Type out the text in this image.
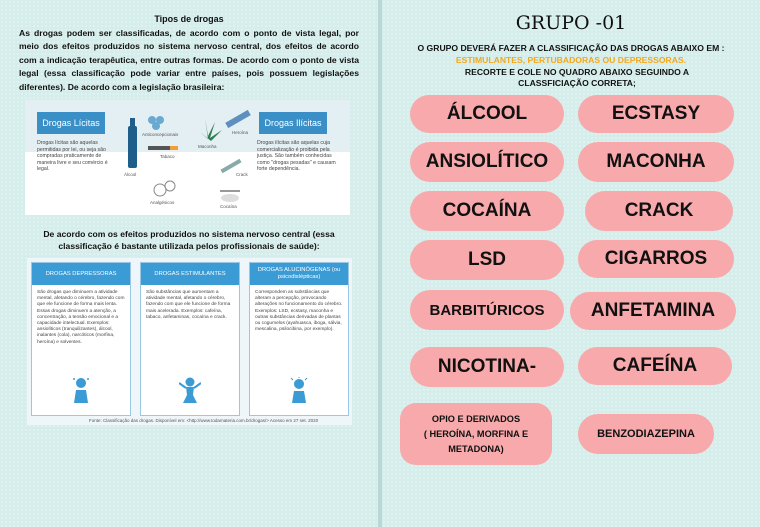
Tipos de drogas
As drogas podem ser classificadas, de acordo com o ponto de vista legal, por meio dos efeitos produzidos no sistema nervoso central, dos efeitos de acordo com a indicação terapêutica, entre outras formas. De acordo com o ponto de vista legal (essa classificação pode variar entre países, pois possuem legislações diferentes). De acordo com a legislação brasileira:
Drogas Lícitas
Drogas lícitas são aquelas permitidas por lei, ou seja são compradas praticamente de maneira livre e seu comércio é legal.
Drogas Ilícitas
Drogas ilícitas são aquelas cuja comercialização é proibida pela justiça. São também conhecidas como "drogas pesadas" e causam forte dependência.
Álcool
Anticoncepcionais
Tabaco
Analgésicos
Maconha
Heroína
Crack
Cocaína
De acordo com os efeitos produzidos no sistema nervoso central (essa classificação é bastante utilizada pelos profissionais de saúde):
DROGAS DEPRESSORAS
São drogas que diminuem a atividade mental, afetando o cérebro, fazendo com que ele funcione de forma mais lenta. Essas drogas diminuem a atenção, a concentração, a tensão emocional e a capacidade intelectual. Exemplos: ansiolíticos (tranquilizantes), álcool, inalantes (cola), narcóticos (morfina, heroína) e solventes.
DROGAS ESTIMULANTES
São substâncias que aumentam a atividade mental, afetando o cérebro, fazendo com que ele funcione de forma mais acelerada. Exemplos: cafeína, tabaco, anfetaminas, cocaína e crack.
DROGAS ALUCINÓGENAS (ou psicodislépticas)
Correspondem as substâncias que alteram a percepção, provocando alterações no funcionamento do cérebro. Exemplos: LSD, ecstasy, maconha e outras substâncias derivadas de plantas ou cogumelos (ayahuasca, iboga, sálvia, mescalina, psilocibina, por exemplo).
Fonte: Classificação das drogas. Disponível em: <http://www.todamateria.com.br/drogas/> Acesso em 27 set. 2020
GRUPO -01
O GRUPO DEVERÁ FAZER A CLASSIFICAÇÃO DAS DROGAS ABAIXO EM :
ESTIMULANTES, PERTUBADORAS OU DEPRESSORAS.
RECORTE E COLE NO QUADRO ABAIXO SEGUINDO A CLASSFICIAÇÃO CORRETA;
ÁLCOOL	ECSTASY
ANSIOLÍTICO	MACONHA
COCAÍNA	CRACK
LSD	CIGARROS
BARBITÚRICOS	ANFETAMINA
NICOTINA-	CAFEÍNA
OPIO E DERIVADOS
( HEROÍNA, MORFINA E
METADONA)
BENZODIAZEPINA
